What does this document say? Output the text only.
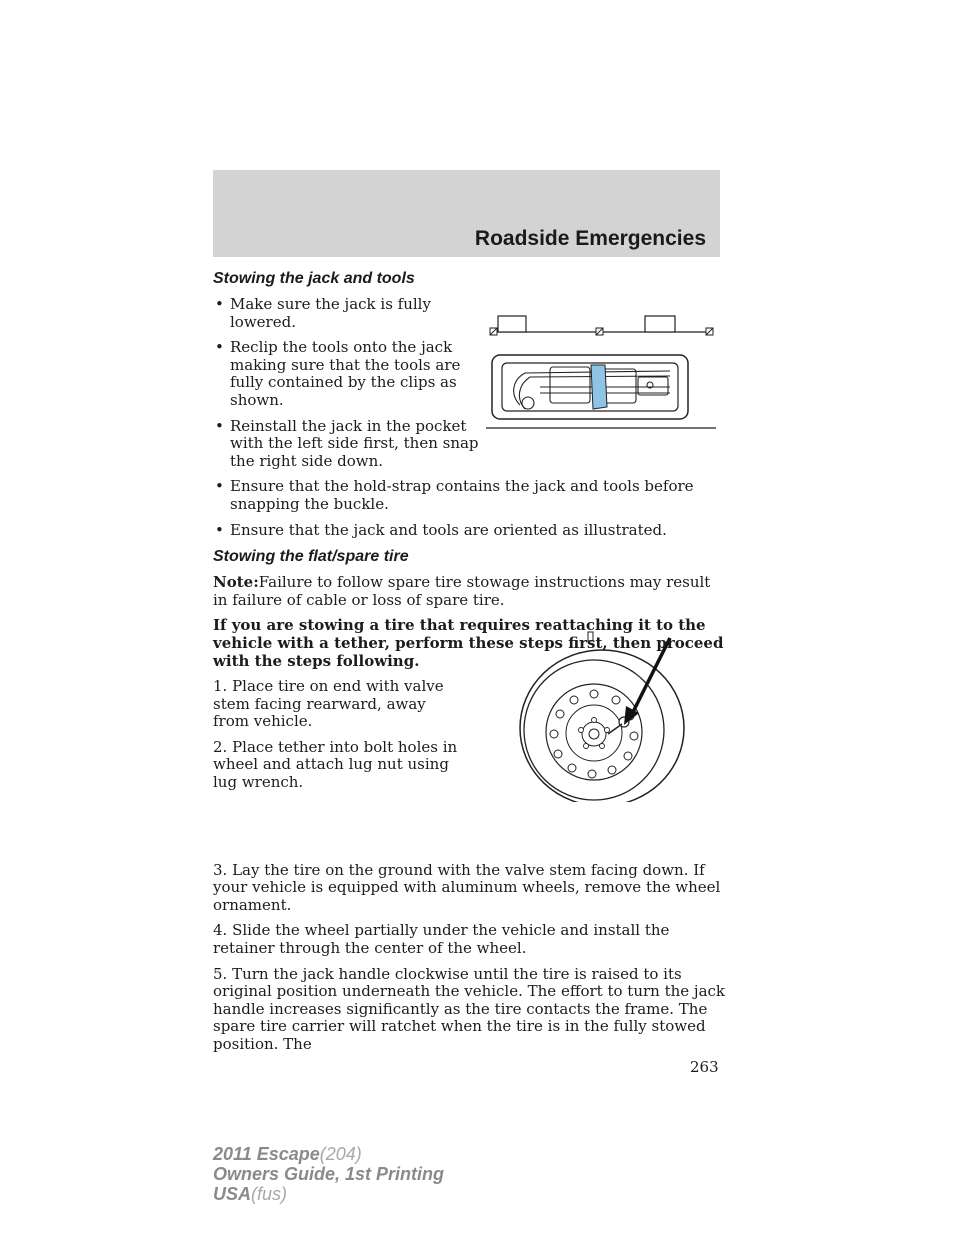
Roadside Emergencies
Stowing the jack and tools
• Make sure the jack is fully lowered.
• Reclip the tools onto the jack making sure that the tools are fully contained by the clips as shown.
• Reinstall the jack in the pocket with the left side first, then snap the right side down.
• Ensure that the hold-strap contains the jack and tools before snapping the buckle.
• Ensure that the jack and tools are oriented as illustrated.
Stowing the flat/spare tire

Note:Failure to follow spare tire stowage instructions may result in failure of cable or loss of spare tire.

If you are stowing a tire that requires reattaching it to the vehicle with a tether, perform these steps first, then proceed with the steps following.

1. Place tire on end with valve stem facing rearward, away from vehicle.

2. Place tether into bolt holes in wheel and attach lug nut using lug wrench.

3. Lay the tire on the ground with the valve stem facing down. If your vehicle is equipped with aluminum wheels, remove the wheel ornament.

4. Slide the wheel partially under the vehicle and install the retainer through the center of the wheel.

5. Turn the jack handle clockwise until the tire is raised to its original position underneath the vehicle. The effort to turn the jack handle increases significantly as the tire contacts the frame. The spare tire carrier will ratchet when the tire is in the fully stowed position. The

263
2011 Escape(204)
Owners Guide, 1st Printing
USA(fus)
